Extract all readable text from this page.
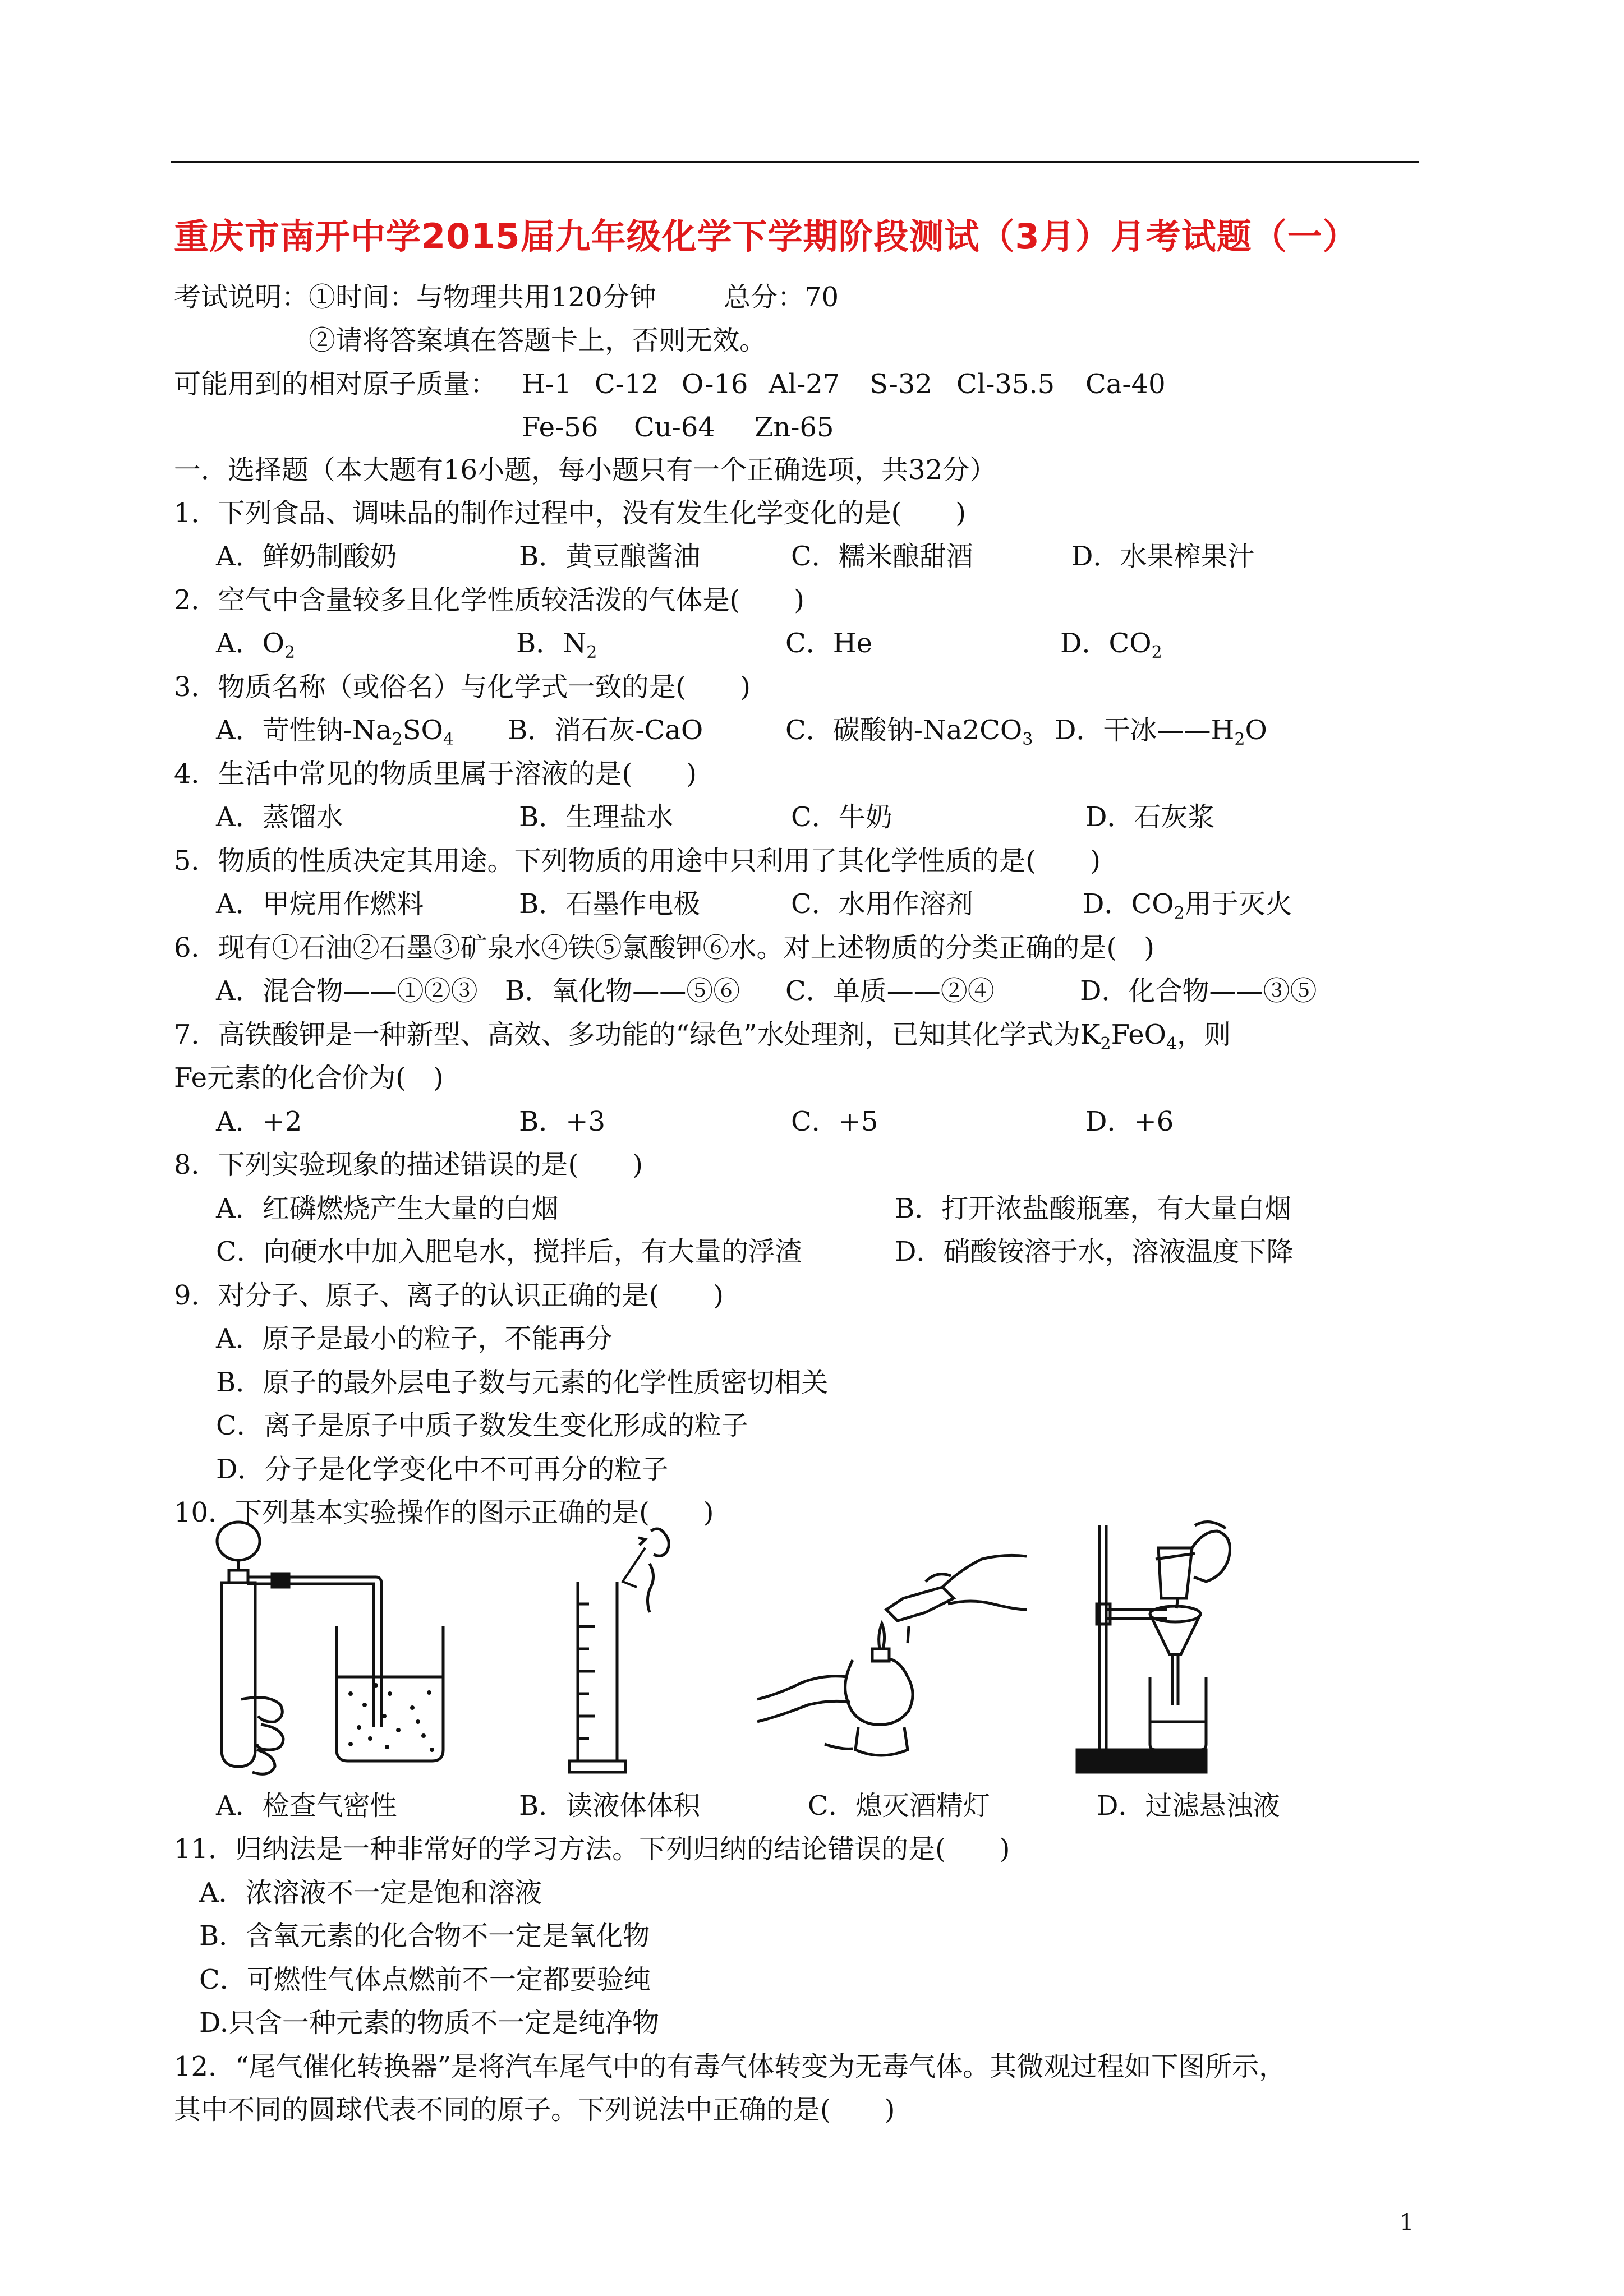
重庆市南开中学2015届九年级化学下学期阶段测试（3月）月考试题（一）
考试说明：①时间：与物理共用120分钟	总分：70
②请将答案填在答题卡上，否则无效。
可能用到的相对原子质量： H-1 C-12 O-16 Al-27 S-32 Cl-35.5 Ca-40
Fe-56 Cu-64 Zn-65
一．选择题（本大题有16小题，每小题只有一个正确选项，共32分）
1．下列食品、调味品的制作过程中，没有发生化学变化的是(　　)
A．鲜奶制酸奶	B．黄豆酿酱油	C．糯米酿甜酒	D．水果榨果汁
2．空气中含量较多且化学性质较活泼的气体是(　　)
A．$O_2$	B．$N_2$	C．He	D．$CO_2$
3．物质名称（或俗名）与化学式一致的是(　　)
A．苛性钠$-Na_2SO_4$ B．消石灰-CaO	C．碳酸钠$-Na2CO_3$ D．干冰$——H_2O$
4．生活中常见的物质里属于溶液的是(　　)
A．蒸馏水	B．生理盐水	C．牛奶	D．石灰浆
5．物质的性质决定其用途。下列物质的用途中只利用了其化学性质的是(　　)
A．甲烷用作燃料	B．石墨作电极	C．水用作溶剂	D．$CO_2$用于灭火
6．现有①石油②石墨③矿泉水④铁⑤氯酸钾⑥水。对上述物质的分类正确的是(　)
A．混合物——①②③ B．氧化物——⑤⑥ C．单质——②④	D．化合物——③⑤
7．高铁酸钾是一种新型、高效、多功能的“绿色”水处理剂，已知其化学式为$K_2FeO_4$，则
Fe元素的化合价为(　)
A．+2	B．+3	C．+5	D．+6
8．下列实验现象的描述错误的是(　　)
A．红磷燃烧产生大量的白烟	B．打开浓盐酸瓶塞，有大量白烟
C．向硬水中加入肥皂水，搅拌后，有大量的浮渣	D．硝酸铵溶于水，溶液温度下降
9．对分子、原子、离子的认识正确的是(　　)
A．原子是最小的粒子，不能再分
B．原子的最外层电子数与元素的化学性质密切相关
C．离子是原子中质子数发生变化形成的粒子
D．分子是化学变化中不可再分的粒子
10．下列基本实验操作的图示正确的是(　　)
A．检查气密性	B．读液体体积	C．熄灭酒精灯	D．过滤悬浊液
11．归纳法是一种非常好的学习方法。下列归纳的结论错误的是(　　)
A．浓溶液不一定是饱和溶液
B．含氧元素的化合物不一定是氧化物
C．可燃性气体点燃前不一定都要验纯
D.只含一种元素的物质不一定是纯净物
12．“尾气催化转换器”是将汽车尾气中的有毒气体转变为无毒气体。其微观过程如下图所示，
其中不同的圆球代表不同的原子。下列说法中正确的是(　　)
1
